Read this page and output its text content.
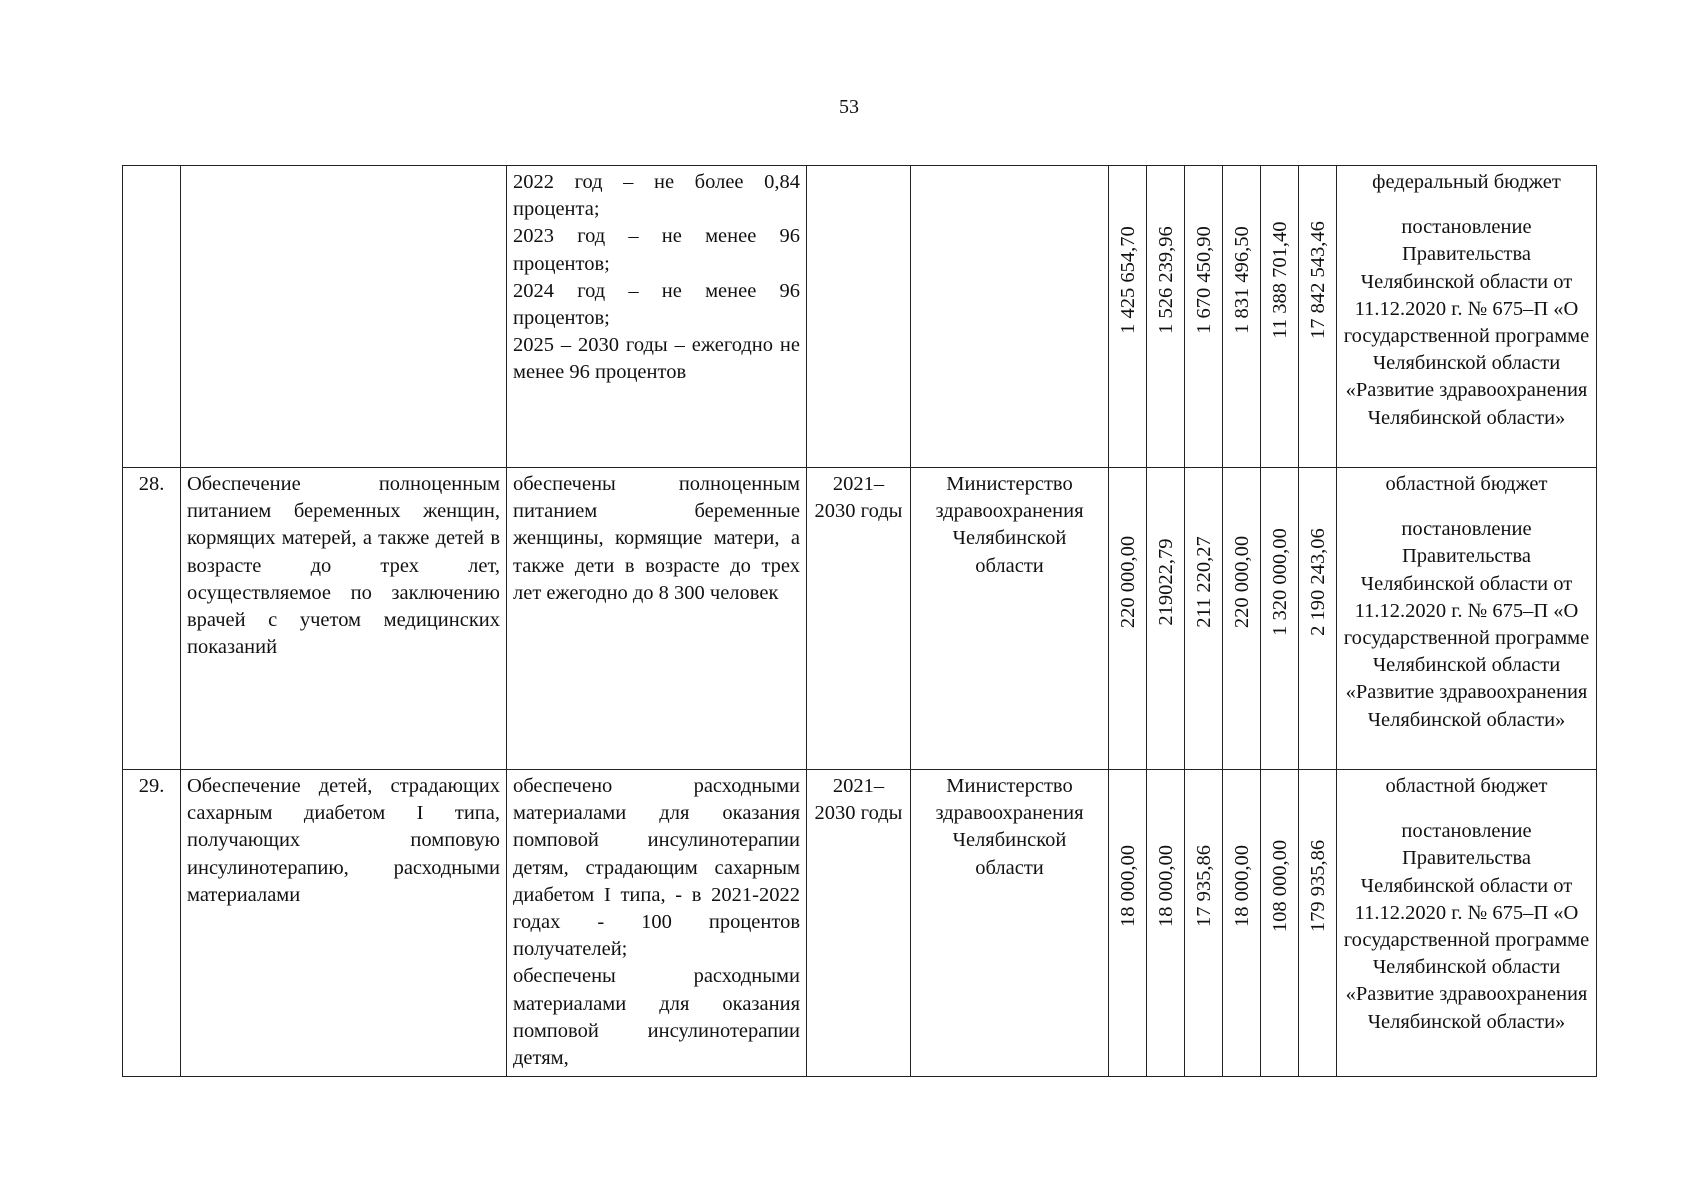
53

		2022 год – не более 0,84 процента;
2023 год – не менее 96 процентов;
2024 год – не менее 96 процентов;
2025 – 2030 годы – ежегодно не менее 96 процентов			1 425 654,70	1 526 239,96	1 670 450,90	1 831 496,50	11 388 701,40	17 842 543,46	федеральный бюджет
постановление Правительства Челябинской области от 11.12.2020 г. № 675–П «О государственной программе Челябинской области «Развитие здравоохранения Челябинской области»

28.	Обеспечение полноценным питанием беременных женщин, кормящих матерей, а также детей в возрасте до трех лет, осуществляемое по заключению врачей с учетом медицинских показаний	обеспечены полноценным питанием беременные женщины, кормящие матери, а также дети в возрасте до трех лет ежегодно до 8 300 человек	2021–2030 годы	Министерство здравоохранения Челябинской области	220 000,00	219022,79	211 220,27	220 000,00	1 320 000,00	2 190 243,06	областной бюджет
постановление Правительства Челябинской области от 11.12.2020 г. № 675–П «О государственной программе Челябинской области «Развитие здравоохранения Челябинской области»

29.	Обеспечение детей, страдающих сахарным диабетом I типа, получающих помповую инсулинотерапию, расходными материалами	обеспечено расходными материалами для оказания помповой инсулинотерапии детям, страдающим сахарным диабетом I типа, - в 2021-2022 годах - 100 процентов получателей;
обеспечены расходными материалами для оказания помповой инсулинотерапии детям,	2021–2030 годы	Министерство здравоохранения Челябинской области	18 000,00	18 000,00	17 935,86	18 000,00	108 000,00	179 935,86	областной бюджет
постановление Правительства Челябинской области от 11.12.2020 г. № 675–П «О государственной программе Челябинской области «Развитие здравоохранения Челябинской области»
